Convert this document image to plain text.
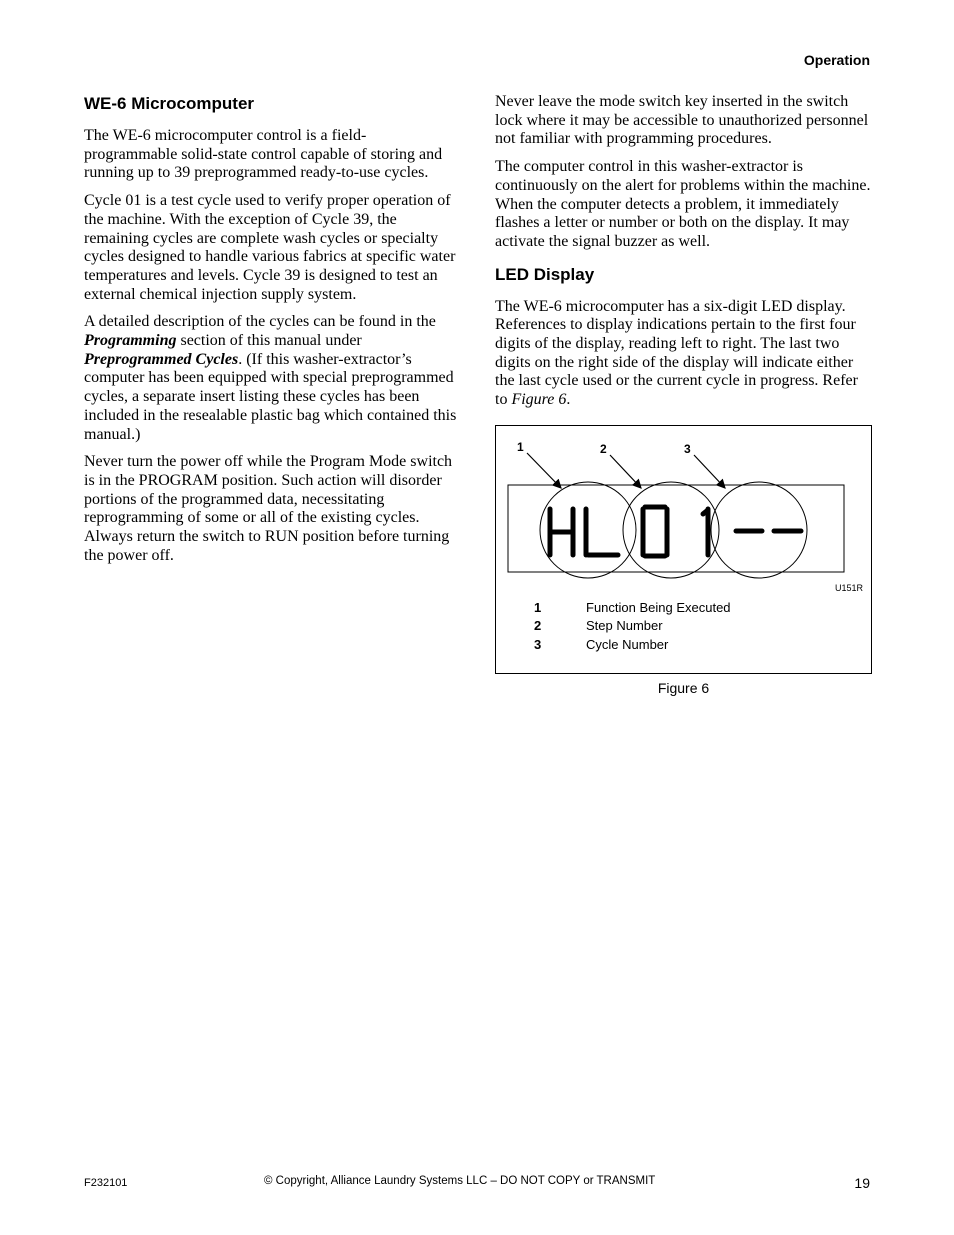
Operation
WE-6 Microcomputer

The WE-6 microcomputer control is a field-programmable solid-state control capable of storing and running up to 39 preprogrammed ready-to-use cycles.

Cycle 01 is a test cycle used to verify proper operation of the machine. With the exception of Cycle 39, the remaining cycles are complete wash cycles or specialty cycles designed to handle various fabrics at specific water temperatures and levels. Cycle 39 is designed to test an external chemical injection supply system.

A detailed description of the cycles can be found in the Programming section of this manual under Preprogrammed Cycles. (If this washer-extractor’s computer has been equipped with special preprogrammed cycles, a separate insert listing these cycles has been included in the resealable plastic bag which contained this manual.)

Never turn the power off while the Program Mode switch is in the PROGRAM position. Such action will disorder portions of the programmed data, necessitating reprogramming of some or all of the existing cycles. Always return the switch to RUN position before turning the power off.

Never leave the mode switch key inserted in the switch lock where it may be accessible to unauthorized personnel not familiar with programming procedures.

The computer control in this washer-extractor is continuously on the alert for problems within the machine. When the computer detects a problem, it immediately flashes a letter or number or both on the display. It may activate the signal buzzer as well.

LED Display

The WE-6 microcomputer has a six-digit LED display. References to display indications pertain to the first four digits of the display, reading left to right. The last two digits on the right side of the display will indicate either the last cycle used or the current cycle in progress. Refer to Figure 6.

1	2	3
U151R
1	Function Being Executed
2	Step Number
3	Cycle Number
Figure 6
F232101	© Copyright, Alliance Laundry Systems LLC – DO NOT COPY or TRANSMIT	19
